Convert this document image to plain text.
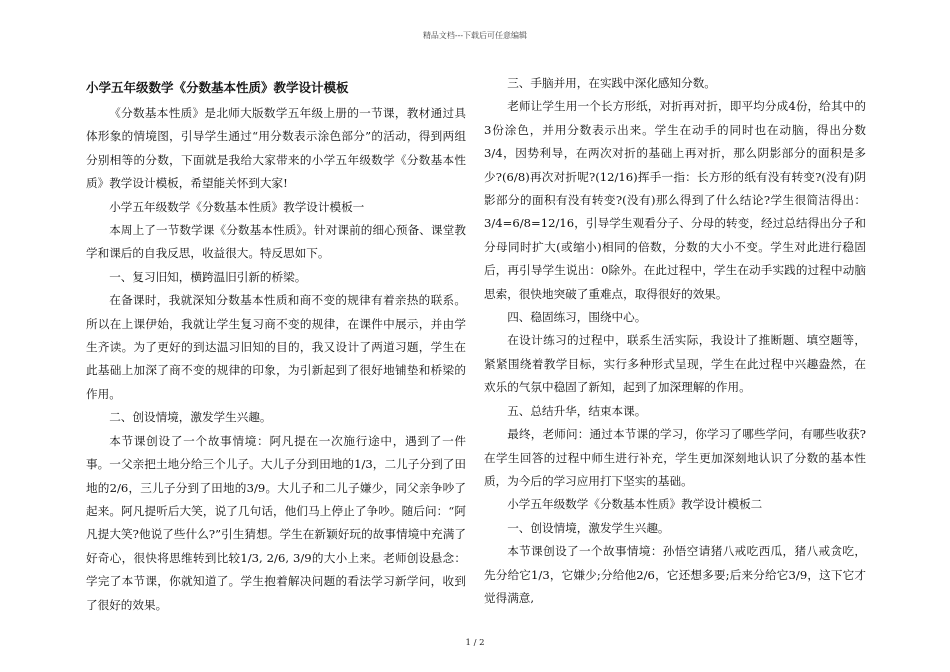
精品文档---下载后可任意编辑
小学五年级数学《分数基本性质》教学设计模板

《分数基本性质》是北师大版数学五年级上册的一节课，教材通过具体形象的情境图，引导学生通过“用分数表示涂色部分”的活动，得到两组分别相等的分数，下面就是我给大家带来的小学五年级数学《分数基本性质》教学设计模板，希望能关怀到大家!

小学五年级数学《分数基本性质》教学设计模板一

本周上了一节数学课《分数基本性质》。针对课前的细心预备、课堂教学和课后的自我反思，收益很大。特反思如下。

一、复习旧知，横跨温旧引新的桥梁。

在备课时，我就深知分数基本性质和商不变的规律有着亲热的联系。所以在上课伊始，我就让学生复习商不变的规律，在课件中展示，并由学生齐读。为了更好的到达温习旧知的目的，我又设计了两道习题，学生在此基础上加深了商不变的规律的印象，为引新起到了很好地铺垫和桥梁的作用。

二、创设情境，激发学生兴趣。

本节课创设了一个故事情境：阿凡提在一次施行途中，遇到了一件事。一父亲把土地分给三个儿子。大儿子分到田地的1/3，二儿子分到了田地的2/6，三儿子分到了田地的3/9。大儿子和二儿子嫌少，同父亲争吵了起来。阿凡提听后大笑，说了几句话，他们马上停止了争吵。随后问：“阿凡提大笑?他说了些什么?”引生猜想。学生在新颖好玩的故事情境中充满了好奇心，很快将思维转到比较1/3, 2/6, 3/9的大小上来。老师创设悬念：学完了本节课，你就知道了。学生抱着解决问题的看法学习新学问，收到了很好的效果。

三、手脑并用，在实践中深化感知分数。

老师让学生用一个长方形纸，对折再对折，即平均分成4份，给其中的3份涂色，并用分数表示出来。学生在动手的同时也在动脑，得出分数3/4，因势利导，在两次对折的基础上再对折，那么阴影部分的面积是多少?(6/8)再次对折呢?(12/16)挥手一指：长方形的纸有没有转变?(没有)阴影部分的面积有没有转变?(没有)那么得到了什么结论?学生很简洁得出：3/4=6/8=12/16，引导学生观看分子、分母的转变，经过总结得出分子和分母同时扩大(或缩小)相同的倍数，分数的大小不变。学生对此进行稳固后，再引导学生说出：0除外。在此过程中，学生在动手实践的过程中动脑思索，很快地突破了重难点，取得很好的效果。

四、稳固练习，围绕中心。

在设计练习的过程中，联系生活实际，我设计了推断题、填空题等，紧紧围绕着教学目标，实行多种形式呈现，学生在此过程中兴趣盎然，在欢乐的气氛中稳固了新知，起到了加深理解的作用。

五、总结升华，结束本课。

最终，老师问：通过本节课的学习，你学习了哪些学问，有哪些收获?在学生回答的过程中师生进行补充，学生更加深刻地认识了分数的基本性质，为今后的学习应用打下坚实的基础。

小学五年级数学《分数基本性质》教学设计模板二

一、创设情境，激发学生兴趣。

本节课创设了一个故事情境：孙悟空请猪八戒吃西瓜，猪八戒贪吃，先分给它1/3，它嫌少;分给他2/6，它还想多要;后来分给它3/9，这下它才觉得满意,

1 / 2
